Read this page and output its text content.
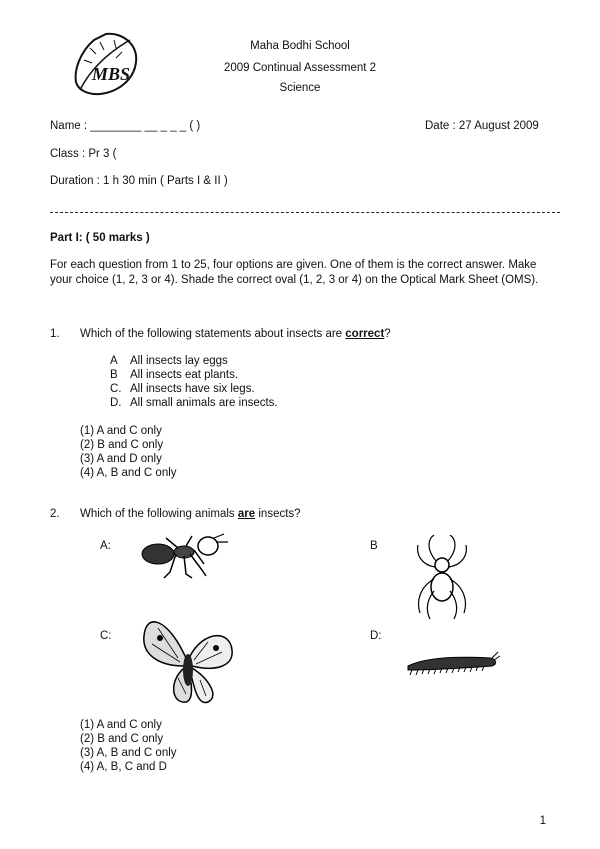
MBS
Maha Bodhi School
2009 Continual Assessment 2
Science
Name : ________ __ _ _ _ ( )	Date : 27 August 2009
Class : Pr 3 (
Duration : 1 h 30 min ( Parts I & II )
Part I: ( 50 marks )
For each question from 1 to 25, four options are given. One of them is the correct answer. Make your choice (1, 2, 3 or 4). Shade the correct oval (1, 2, 3 or 4) on the Optical Mark Sheet (OMS).
1. Which of the following statements about insects are correct?
A	All insects lay eggs
B	All insects eat plants.
C. All insects have six legs.
D. All small animals are insects.
(1) A and C only
(2) B and C only
(3) A and D only
(4) A, B and C only
2. Which of the following animals are insects?
A:	B
C:	D:
(1) A and C only
(2) B and C only
(3) A, B and C only
(4) A, B, C and D
1
